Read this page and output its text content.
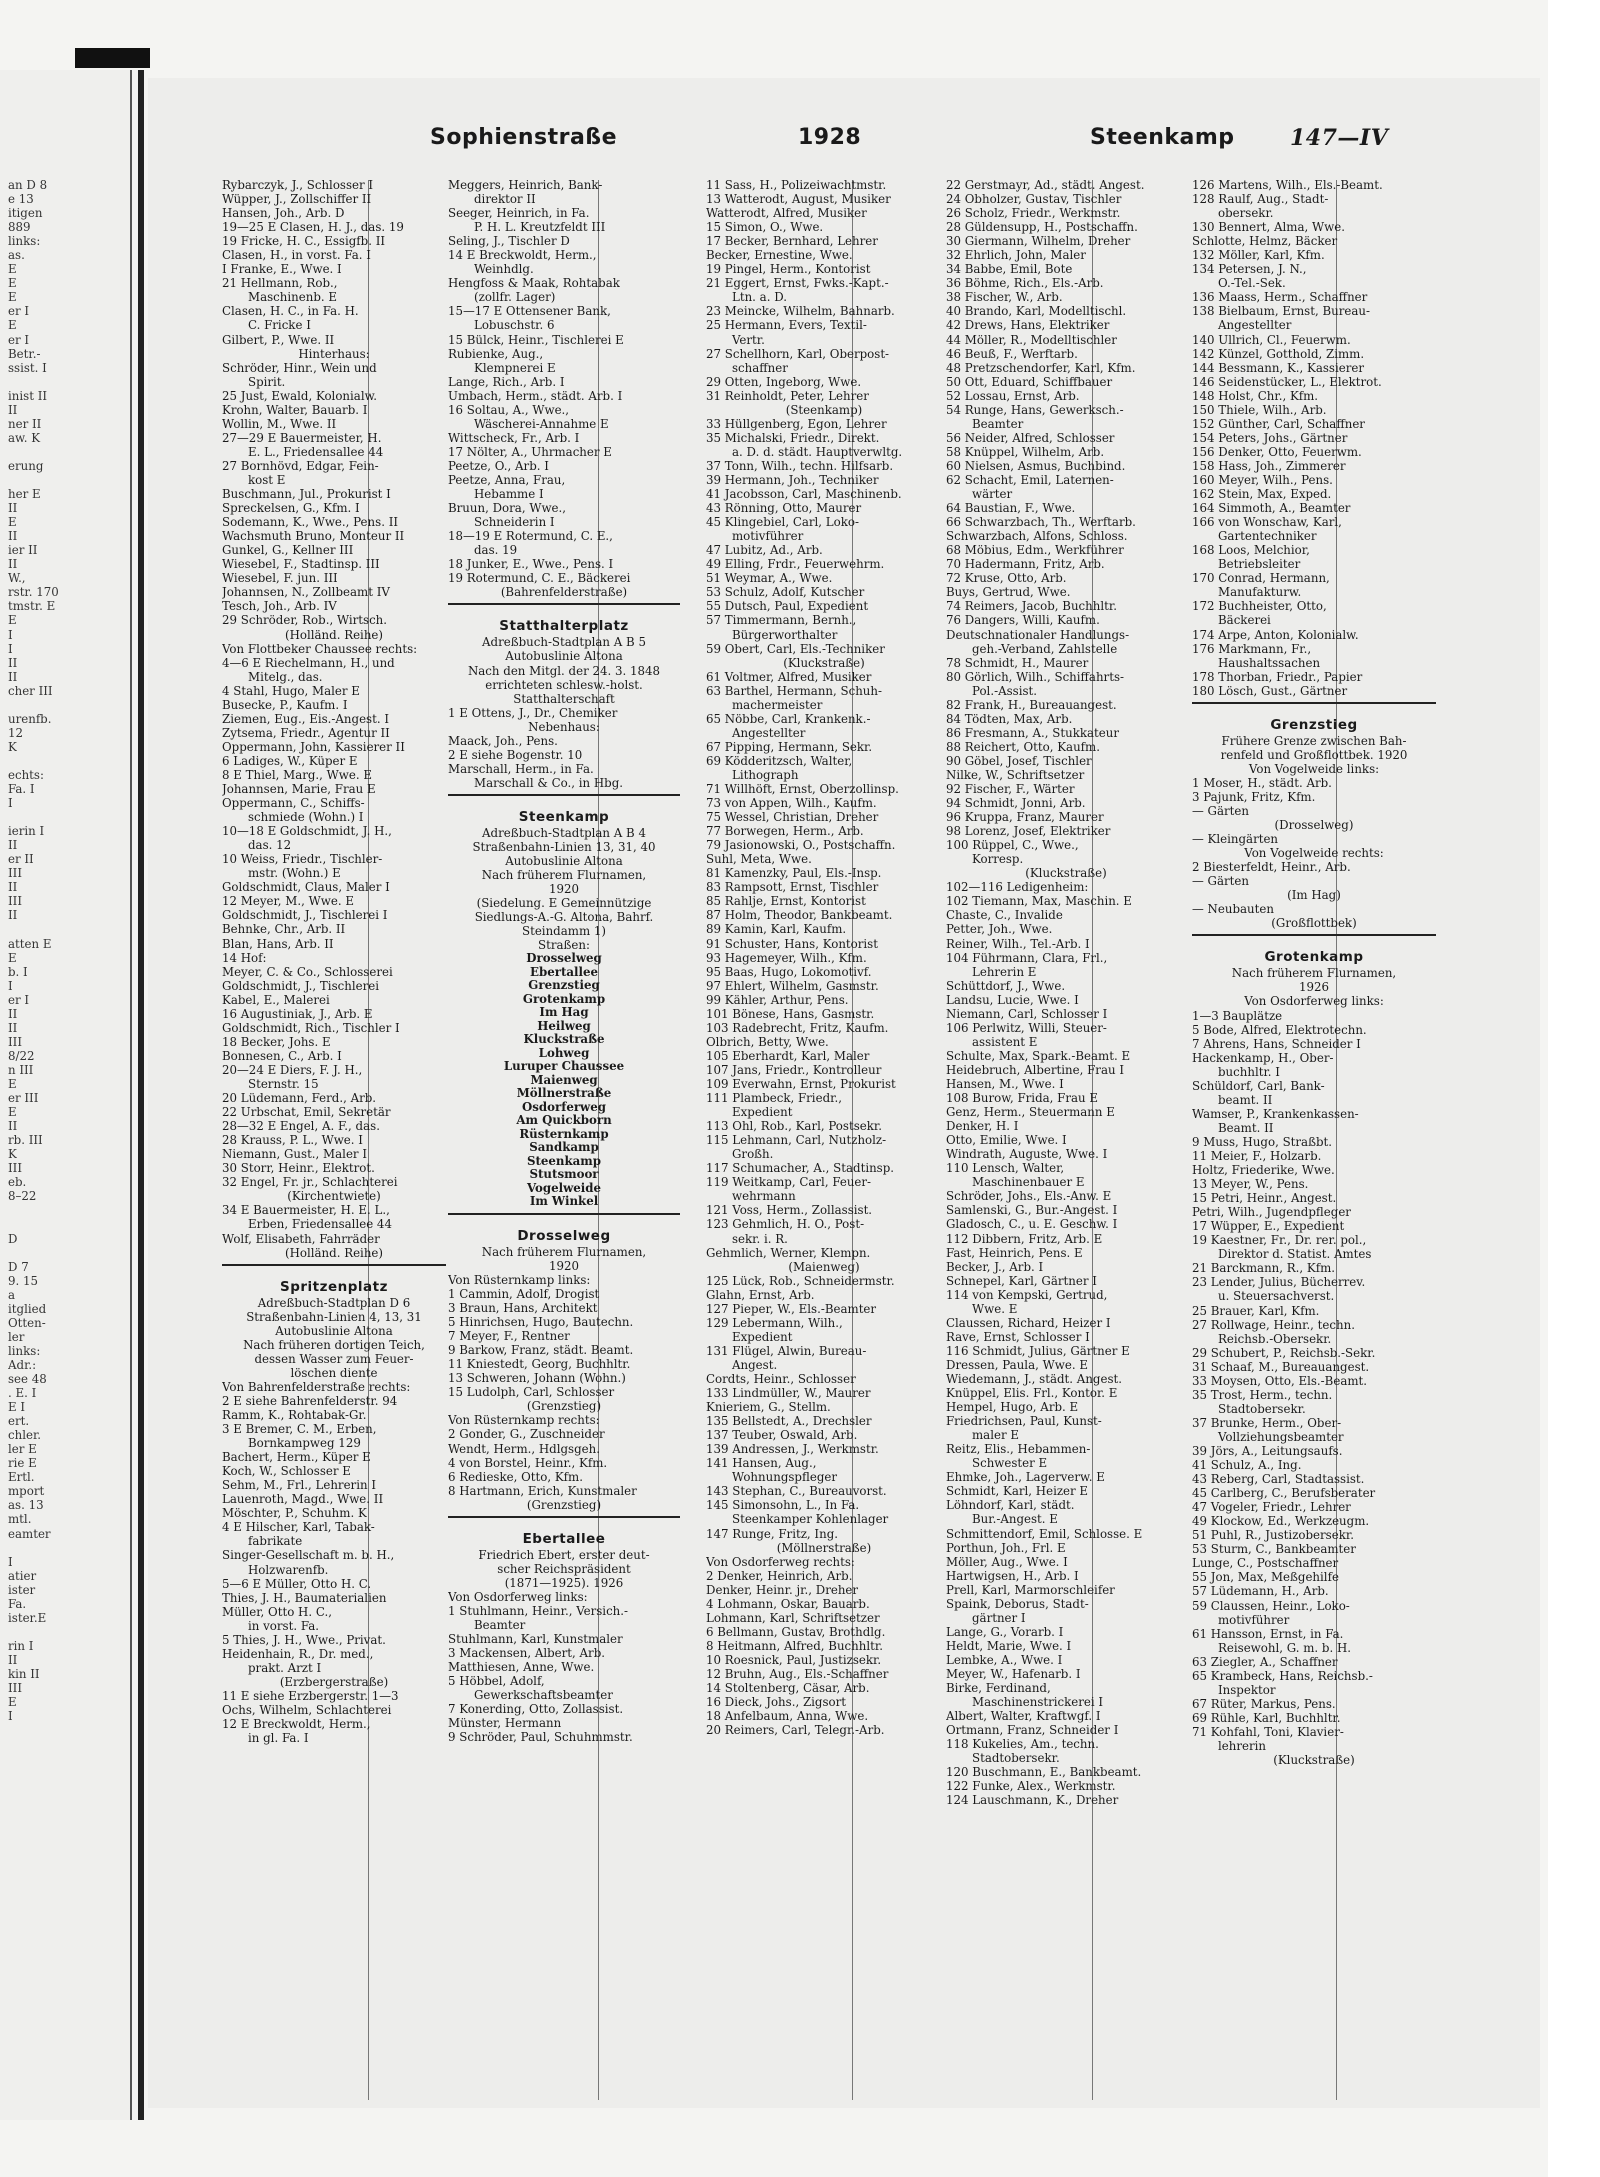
Sophienstraße	1928	Steenkamp	147—IV
an D 8
e 13
itigen
889
links:
as.
E
E
E
er I
E
er I
Betr.-
ssist. I
inist II
II
ner II
aw. K
erung
her E
II
E
II
ier II
II
W.,
rstr. 170
tmstr. E
E
I
I
II
II
cher III
urenfb.
12
K
echts:
Fa. I
I
ierin I
II
er II
III
II
III
II
atten E
E
b. I
I
er I
II
II
III
8/22
n III
E
er III
E
II
rb. III
K
III
eb.
8–22
D
D 7
9. 15
a
itglied
Otten-
ler
links:
Adr.:
see 48
. E. I
E I
ert.
chler.
ler E
rie E
Ertl.
mport
as. 13
mtl.
eamter
I
atier
ister
Fa.
ister.E
rin I
II
kin II
III
E
I
Rybarczyk, J., Schlosser I
Wüpper, J., Zollschiffer II
Hansen, Joh., Arb. D
19—25 E Clasen, H. J., das. 19
19 Fricke, H. C., Essigfb. II
Clasen, H., in vorst. Fa. I
I Franke, E., Wwe. I
21 Hellmann, Rob.,
Maschinenb. E
Clasen, H. C., in Fa. H.
C. Fricke I
Gilbert, P., Wwe. II
Hinterhaus:
Schröder, Hinr., Wein und
Spirit.
25 Just, Ewald, Kolonialw.
Krohn, Walter, Bauarb. I
Wollin, M., Wwe. II
27—29 E Bauermeister, H.
E. L., Friedensallee 44
27 Bornhövd, Edgar, Fein-
kost E
Buschmann, Jul., Prokurist I
Spreckelsen, G., Kfm. I
Sodemann, K., Wwe., Pens. II
Wachsmuth Bruno, Monteur II
Gunkel, G., Kellner III
Wiesebel, F., Stadtinsp. III
Wiesebel, F. jun. III
Johannsen, N., Zollbeamt IV
Tesch, Joh., Arb. IV
29 Schröder, Rob., Wirtsch.
(Holländ. Reihe)
Von Flottbeker Chaussee rechts:
4—6 E Riechelmann, H., und
Mitelg., das.
4 Stahl, Hugo, Maler E
Busecke, P., Kaufm. I
Ziemen, Eug., Eis.-Angest. I
Zytsema, Friedr., Agentur II
Oppermann, John, Kassierer II
6 Ladiges, W., Küper E
8 E Thiel, Marg., Wwe. E
Johannsen, Marie, Frau E
Oppermann, C., Schiffs-
schmiede (Wohn.) I
10—18 E Goldschmidt, J. H.,
das. 12
10 Weiss, Friedr., Tischler-
mstr. (Wohn.) E
Goldschmidt, Claus, Maler I
12 Meyer, M., Wwe. E
Goldschmidt, J., Tischlerei I
Behnke, Chr., Arb. II
Blan, Hans, Arb. II
14 Hof:
Meyer, C. & Co., Schlosserei
Goldschmidt, J., Tischlerei
Kabel, E., Malerei
16 Augustiniak, J., Arb. E
Goldschmidt, Rich., Tischler I
18 Becker, Johs. E
Bonnesen, C., Arb. I
20—24 E Diers, F. J. H.,
Sternstr. 15
20 Lüdemann, Ferd., Arb.
22 Urbschat, Emil, Sekretär
28—32 E Engel, A. F., das.
28 Krauss, P. L., Wwe. I
Niemann, Gust., Maler I
30 Storr, Heinr., Elektrot.
32 Engel, Fr. jr., Schlachterei
(Kirchentwiete)
34 E Bauermeister, H. E. L.,
Erben, Friedensallee 44
Wolf, Elisabeth, Fahrräder
(Holländ. Reihe)
Spritzenplatz
Adreßbuch-Stadtplan D 6
Straßenbahn-Linien 4, 13, 31
Autobuslinie Altona
Nach früheren dortigen Teich,
dessen Wasser zum Feuer-
löschen diente
Von Bahrenfelderstraße rechts:
2 E siehe Bahrenfelderstr. 94
Ramm, K., Rohtabak-Gr.
3 E Bremer, C. M., Erben,
Bornkampweg 129
Bachert, Herm., Küper E
Koch, W., Schlosser E
Sehm, M., Frl., Lehrerin I
Lauenroth, Magd., Wwe. II
Möschter, P., Schuhm. K
4 E Hilscher, Karl, Tabak-
fabrikate
Singer-Gesellschaft m. b. H.,
Holzwarenfb.
5—6 E Müller, Otto H. C.
Thies, J. H., Baumaterialien
Müller, Otto H. C.,
in vorst. Fa.
5 Thies, J. H., Wwe., Privat.
Heidenhain, R., Dr. med.,
prakt. Arzt I
(Erzbergerstraße)
11 E siehe Erzbergerstr. 1—3
Ochs, Wilhelm, Schlachterei
12 E Breckwoldt, Herm.,
in gl. Fa. I
Meggers, Heinrich, Bank-
direktor II
Seeger, Heinrich, in Fa.
P. H. L. Kreutzfeldt III
Seling, J., Tischler D
14 E Breckwoldt, Herm.,
Weinhdlg.
Hengfoss & Maak, Rohtabak
(zollfr. Lager)
15—17 E Ottensener Bank,
Lobuschstr. 6
15 Bülck, Heinr., Tischlerei E
Rubienke, Aug.,
Klempnerei E
Lange, Rich., Arb. I
Umbach, Herm., städt. Arb. I
16 Soltau, A., Wwe.,
Wäscherei-Annahme E
Wittscheck, Fr., Arb. I
17 Nölter, A., Uhrmacher E
Peetze, O., Arb. I
Peetze, Anna, Frau,
Hebamme I
Bruun, Dora, Wwe.,
Schneiderin I
18—19 E Rotermund, C. E.,
das. 19
18 Junker, E., Wwe., Pens. I
19 Rotermund, C. E., Bäckerei
(Bahrenfelderstraße)
Statthalterplatz
Adreßbuch-Stadtplan A B 5
Autobuslinie Altona
Nach den Mitgl. der 24. 3. 1848
errichteten schlesw.-holst.
Statthalterschaft
1 E Ottens, J., Dr., Chemiker
Nebenhaus:
Maack, Joh., Pens.
2 E siehe Bogenstr. 10
Marschall, Herm., in Fa.
Marschall & Co., in Hbg.
Steenkamp
Adreßbuch-Stadtplan A B 4
Straßenbahn-Linien 13, 31, 40
Autobuslinie Altona
Nach früherem Flurnamen,
1920
(Siedelung. E Gemeinnützige
Siedlungs-A.-G. Altona, Bahrf.
Steindamm 1)
Straßen:
Drosselweg
Ebertallee
Grenzstieg
Grotenkamp
Im Hag
Heilweg
Kluckstraße
Lohweg
Luruper Chaussee
Maienweg
Möllnerstraße
Osdorferweg
Am Quickborn
Rüsternkamp
Sandkamp
Steenkamp
Stutsmoor
Vogelweide
Im Winkel
Drosselweg
Nach früherem Flurnamen,
1920
Von Rüsternkamp links:
1 Cammin, Adolf, Drogist
3 Braun, Hans, Architekt
5 Hinrichsen, Hugo, Bautechn.
7 Meyer, F., Rentner
9 Barkow, Franz, städt. Beamt.
11 Kniestedt, Georg, Buchhltr.
13 Schweren, Johann (Wohn.)
15 Ludolph, Carl, Schlosser
(Grenzstieg)
Von Rüsternkamp rechts:
2 Gonder, G., Zuschneider
Wendt, Herm., Hdlgsgeh.
4 von Borstel, Heinr., Kfm.
6 Redieske, Otto, Kfm.
8 Hartmann, Erich, Kunstmaler
(Grenzstieg)
Ebertallee
Friedrich Ebert, erster deut-
scher Reichspräsident
(1871—1925). 1926
Von Osdorferweg links:
1 Stuhlmann, Heinr., Versich.-
Beamter
Stuhlmann, Karl, Kunstmaler
3 Mackensen, Albert, Arb.
Matthiesen, Anne, Wwe.
5 Höbbel, Adolf,
Gewerkschaftsbeamter
7 Konerding, Otto, Zollassist.
Münster, Hermann
9 Schröder, Paul, Schuhmmstr.
11 Sass, H., Polizeiwachtmstr.
13 Watterodt, August, Musiker
Watterodt, Alfred, Musiker
15 Simon, O., Wwe.
17 Becker, Bernhard, Lehrer
Becker, Ernestine, Wwe.
19 Pingel, Herm., Kontorist
21 Eggert, Ernst, Fwks.-Kapt.-
Ltn. a. D.
23 Meincke, Wilhelm, Bahnarb.
25 Hermann, Evers, Textil-
Vertr.
27 Schellhorn, Karl, Oberpost-
schaffner
29 Otten, Ingeborg, Wwe.
31 Reinholdt, Peter, Lehrer
(Steenkamp)
33 Hüllgenberg, Egon, Lehrer
35 Michalski, Friedr., Direkt.
a. D. d. städt. Hauptverwltg.
37 Tonn, Wilh., techn. Hilfsarb.
39 Hermann, Joh., Techniker
41 Jacobsson, Carl, Maschinenb.
43 Rönning, Otto, Maurer
45 Klingebiel, Carl, Loko-
motivführer
47 Lubitz, Ad., Arb.
49 Elling, Frdr., Feuerwehrm.
51 Weymar, A., Wwe.
53 Schulz, Adolf, Kutscher
55 Dutsch, Paul, Expedient
57 Timmermann, Bernh.,
Bürgerworthalter
59 Obert, Carl, Els.-Techniker
(Kluckstraße)
61 Voltmer, Alfred, Musiker
63 Barthel, Hermann, Schuh-
machermeister
65 Nöbbe, Carl, Krankenk.-
Angestellter
67 Pipping, Hermann, Sekr.
69 Ködderitzsch, Walter,
Lithograph
71 Willhöft, Ernst, Oberzollinsp.
73 von Appen, Wilh., Kaufm.
75 Wessel, Christian, Dreher
77 Borwegen, Herm., Arb.
79 Jasionowski, O., Postschaffn.
Suhl, Meta, Wwe.
81 Kamenzky, Paul, Els.-Insp.
83 Rampsott, Ernst, Tischler
85 Rahlje, Ernst, Kontorist
87 Holm, Theodor, Bankbeamt.
89 Kamin, Karl, Kaufm.
91 Schuster, Hans, Kontorist
93 Hagemeyer, Wilh., Kfm.
95 Baas, Hugo, Lokomotivf.
97 Ehlert, Wilhelm, Gasmstr.
99 Kähler, Arthur, Pens.
101 Bönese, Hans, Gasmstr.
103 Radebrecht, Fritz, Kaufm.
Olbrich, Betty, Wwe.
105 Eberhardt, Karl, Maler
107 Jans, Friedr., Kontrolleur
109 Everwahn, Ernst, Prokurist
111 Plambeck, Friedr.,
Expedient
113 Ohl, Rob., Karl, Postsekr.
115 Lehmann, Carl, Nutzholz-
Großh.
117 Schumacher, A., Stadtinsp.
119 Weitkamp, Carl, Feuer-
wehrmann
121 Voss, Herm., Zollassist.
123 Gehmlich, H. O., Post-
sekr. i. R.
Gehmlich, Werner, Klempn.
(Maienweg)
125 Lück, Rob., Schneidermstr.
Glahn, Ernst, Arb.
127 Pieper, W., Els.-Beamter
129 Lebermann, Wilh.,
Expedient
131 Flügel, Alwin, Bureau-
Angest.
Cordts, Heinr., Schlosser
133 Lindmüller, W., Maurer
Knieriem, G., Stellm.
135 Bellstedt, A., Drechsler
137 Teuber, Oswald, Arb.
139 Andressen, J., Werkmstr.
141 Hansen, Aug.,
Wohnungspfleger
143 Stephan, C., Bureauvorst.
145 Simonsohn, L., In Fa.
Steenkamper Kohlenlager
147 Runge, Fritz, Ing.
(Möllnerstraße)
Von Osdorferweg rechts:
2 Denker, Heinrich, Arb.
Denker, Heinr. jr., Dreher
4 Lohmann, Oskar, Bauarb.
Lohmann, Karl, Schriftsetzer
6 Bellmann, Gustav, Brothdlg.
8 Heitmann, Alfred, Buchhltr.
10 Roesnick, Paul, Justizsekr.
12 Bruhn, Aug., Els.-Schaffner
14 Stoltenberg, Cäsar, Arb.
16 Dieck, Johs., Zigsort
18 Anfelbaum, Anna, Wwe.
20 Reimers, Carl, Telegr.-Arb.
22 Gerstmayr, Ad., städt. Angest.
24 Obholzer, Gustav, Tischler
26 Scholz, Friedr., Werkmstr.
28 Güldensupp, H., Postschaffn.
30 Giermann, Wilhelm, Dreher
32 Ehrlich, John, Maler
34 Babbe, Emil, Bote
36 Böhme, Rich., Els.-Arb.
38 Fischer, W., Arb.
40 Brando, Karl, Modelltischl.
42 Drews, Hans, Elektriker
44 Möller, R., Modelltischler
46 Beuß, F., Werftarb.
48 Pretzschendorfer, Karl, Kfm.
50 Ott, Eduard, Schiffbauer
52 Lossau, Ernst, Arb.
54 Runge, Hans, Gewerksch.-
Beamter
56 Neider, Alfred, Schlosser
58 Knüppel, Wilhelm, Arb.
60 Nielsen, Asmus, Buchbind.
62 Schacht, Emil, Laternen-
wärter
64 Baustian, F., Wwe.
66 Schwarzbach, Th., Werftarb.
Schwarzbach, Alfons, Schloss.
68 Möbius, Edm., Werkführer
70 Hadermann, Fritz, Arb.
72 Kruse, Otto, Arb.
Buys, Gertrud, Wwe.
74 Reimers, Jacob, Buchhltr.
76 Dangers, Willi, Kaufm.
Deutschnationaler Handlungs-
geh.-Verband, Zahlstelle
78 Schmidt, H., Maurer
80 Görlich, Wilh., Schiffahrts-
Pol.-Assist.
82 Frank, H., Bureauangest.
84 Tödten, Max, Arb.
86 Fresmann, A., Stukkateur
88 Reichert, Otto, Kaufm.
90 Göbel, Josef, Tischler
Nilke, W., Schriftsetzer
92 Fischer, F., Wärter
94 Schmidt, Jonni, Arb.
96 Kruppa, Franz, Maurer
98 Lorenz, Josef, Elektriker
100 Rüppel, C., Wwe.,
Korresp.
(Kluckstraße)
102—116 Ledigenheim:
102 Tiemann, Max, Maschin. E
Chaste, C., Invalide
Petter, Joh., Wwe.
Reiner, Wilh., Tel.-Arb. I
104 Führmann, Clara, Frl.,
Lehrerin E
Schüttdorf, J., Wwe.
Landsu, Lucie, Wwe. I
Niemann, Carl, Schlosser I
106 Perlwitz, Willi, Steuer-
assistent E
Schulte, Max, Spark.-Beamt. E
Heidebruch, Albertine, Frau I
Hansen, M., Wwe. I
108 Burow, Frida, Frau E
Genz, Herm., Steuermann E
Denker, H. I
Otto, Emilie, Wwe. I
Windrath, Auguste, Wwe. I
110 Lensch, Walter,
Maschinenbauer E
Schröder, Johs., Els.-Anw. E
Samlenski, G., Bur.-Angest. I
Gladosch, C., u. E. Geschw. I
112 Dibbern, Fritz, Arb. E
Fast, Heinrich, Pens. E
Becker, J., Arb. I
Schnepel, Karl, Gärtner I
114 von Kempski, Gertrud,
Wwe. E
Claussen, Richard, Heizer I
Rave, Ernst, Schlosser I
116 Schmidt, Julius, Gärtner E
Dressen, Paula, Wwe. E
Wiedemann, J., städt. Angest.
Knüppel, Elis. Frl., Kontor. E
Hempel, Hugo, Arb. E
Friedrichsen, Paul, Kunst-
maler E
Reitz, Elis., Hebammen-
Schwester E
Ehmke, Joh., Lagerverw. E
Schmidt, Karl, Heizer E
Löhndorf, Karl, städt.
Bur.-Angest. E
Schmittendorf, Emil, Schlosse. E
Porthun, Joh., Frl. E
Möller, Aug., Wwe. I
Hartwigsen, H., Arb. I
Prell, Karl, Marmorschleifer
Spaink, Deborus, Stadt-
gärtner I
Lange, G., Vorarb. I
Heldt, Marie, Wwe. I
Lembke, A., Wwe. I
Meyer, W., Hafenarb. I
Birke, Ferdinand,
Maschinenstrickerei I
Albert, Walter, Kraftwgf. I
Ortmann, Franz, Schneider I
118 Kukelies, Am., techn.
Stadtobersekr.
120 Buschmann, E., Bankbeamt.
122 Funke, Alex., Werkmstr.
124 Lauschmann, K., Dreher
126 Martens, Wilh., Els.-Beamt.
128 Raulf, Aug., Stadt-
obersekr.
130 Bennert, Alma, Wwe.
Schlotte, Helmz, Bäcker
132 Möller, Karl, Kfm.
134 Petersen, J. N.,
O.-Tel.-Sek.
136 Maass, Herm., Schaffner
138 Bielbaum, Ernst, Bureau-
Angestellter
140 Ullrich, Cl., Feuerwm.
142 Künzel, Gotthold, Zimm.
144 Bessmann, K., Kassierer
146 Seidenstücker, L., Elektrot.
148 Holst, Chr., Kfm.
150 Thiele, Wilh., Arb.
152 Günther, Carl, Schaffner
154 Peters, Johs., Gärtner
156 Denker, Otto, Feuerwm.
158 Hass, Joh., Zimmerer
160 Meyer, Wilh., Pens.
162 Stein, Max, Exped.
164 Simmoth, A., Beamter
166 von Wonschaw, Karl,
Gartentechniker
168 Loos, Melchior,
Betriebsleiter
170 Conrad, Hermann,
Manufakturw.
172 Buchheister, Otto,
Bäckerei
174 Arpe, Anton, Kolonialw.
176 Markmann, Fr.,
Haushaltssachen
178 Thorban, Friedr., Papier
180 Lösch, Gust., Gärtner
Grenzstieg
Frühere Grenze zwischen Bah-
renfeld und Großflottbek. 1920
Von Vogelweide links:
1 Moser, H., städt. Arb.
3 Pajunk, Fritz, Kfm.
— Gärten
(Drosselweg)
— Kleingärten
Von Vogelweide rechts:
2 Biesterfeldt, Heinr., Arb.
— Gärten
(Im Hag)
— Neubauten
(Großflottbek)
Grotenkamp
Nach früherem Flurnamen,
1926
Von Osdorferweg links:
1—3 Bauplätze
5 Bode, Alfred, Elektrotechn.
7 Ahrens, Hans, Schneider I
Hackenkamp, H., Ober-
buchhltr. I
Schüldorf, Carl, Bank-
beamt. II
Wamser, P., Krankenkassen-
Beamt. II
9 Muss, Hugo, Straßbt.
11 Meier, F., Holzarb.
Holtz, Friederike, Wwe.
13 Meyer, W., Pens.
15 Petri, Heinr., Angest.
Petri, Wilh., Jugendpfleger
17 Wüpper, E., Expedient
19 Kaestner, Fr., Dr. rer. pol.,
Direktor d. Statist. Amtes
21 Barckmann, R., Kfm.
23 Lender, Julius, Bücherrev.
u. Steuersachverst.
25 Brauer, Karl, Kfm.
27 Rollwage, Heinr., techn.
Reichsb.-Obersekr.
29 Schubert, P., Reichsb.-Sekr.
31 Schaaf, M., Bureauangest.
33 Moysen, Otto, Els.-Beamt.
35 Trost, Herm., techn.
Stadtobersekr.
37 Brunke, Herm., Ober-
Vollziehungsbeamter
39 Jörs, A., Leitungsaufs.
41 Schulz, A., Ing.
43 Reberg, Carl, Stadtassist.
45 Carlberg, C., Berufsberater
47 Vogeler, Friedr., Lehrer
49 Klockow, Ed., Werkzeugm.
51 Puhl, R., Justizobersekr.
53 Sturm, C., Bankbeamter
Lunge, C., Postschaffner
55 Jon, Max, Meßgehilfe
57 Lüdemann, H., Arb.
59 Claussen, Heinr., Loko-
motivführer
61 Hansson, Ernst, in Fa.
Reisewohl, G. m. b. H.
63 Ziegler, A., Schaffner
65 Krambeck, Hans, Reichsb.-
Inspektor
67 Rüter, Markus, Pens.
69 Rühle, Karl, Buchhltr.
71 Kohfahl, Toni, Klavier-
lehrerin
(Kluckstraße)
